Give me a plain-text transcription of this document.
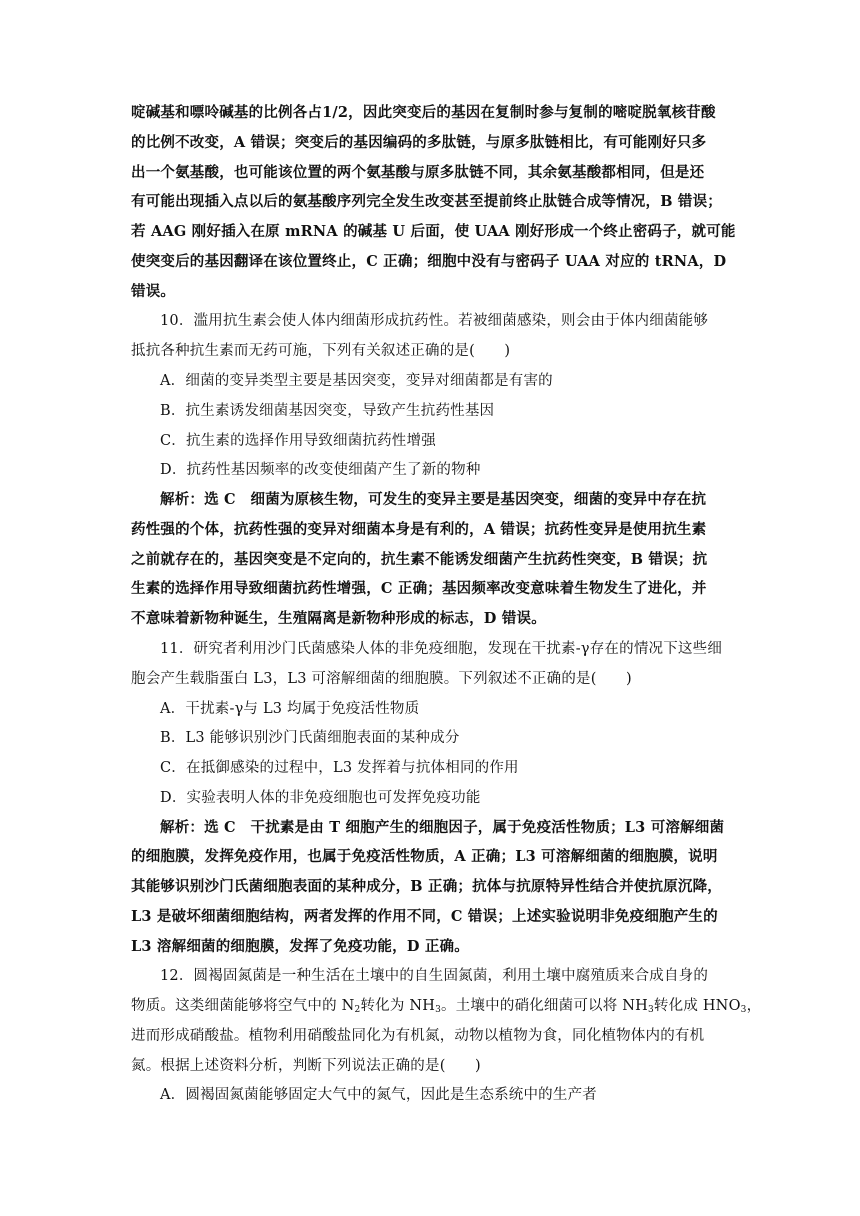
啶碱基和嘌呤碱基的比例各占1/2，因此突变后的基因在复制时参与复制的嘧啶脱氧核苷酸
的比例不改变，A 错误；突变后的基因编码的多肽链，与原多肽链相比，有可能刚好只多
出一个氨基酸，也可能该位置的两个氨基酸与原多肽链不同，其余氨基酸都相同，但是还
有可能出现插入点以后的氨基酸序列完全发生改变甚至提前终止肽链合成等情况，B 错误；
若 AAG 刚好插入在原 mRNA 的碱基 U 后面，使 UAA 刚好形成一个终止密码子，就可能
使突变后的基因翻译在该位置终止，C 正确；细胞中没有与密码子 UAA 对应的 tRNA，D
错误。
10．滥用抗生素会使人体内细菌形成抗药性。若被细菌感染，则会由于体内细菌能够
抵抗各种抗生素而无药可施，下列有关叙述正确的是(　　)
A．细菌的变异类型主要是基因突变，变异对细菌都是有害的
B．抗生素诱发细菌基因突变，导致产生抗药性基因
C．抗生素的选择作用导致细菌抗药性增强
D．抗药性基因频率的改变使细菌产生了新的物种
解析：选 C　细菌为原核生物，可发生的变异主要是基因突变，细菌的变异中存在抗
药性强的个体，抗药性强的变异对细菌本身是有利的，A 错误；抗药性变异是使用抗生素
之前就存在的，基因突变是不定向的，抗生素不能诱发细菌产生抗药性突变，B 错误；抗
生素的选择作用导致细菌抗药性增强，C 正确；基因频率改变意味着生物发生了进化，并
不意味着新物种诞生，生殖隔离是新物种形成的标志，D 错误。
11．研究者利用沙门氏菌感染人体的非免疫细胞，发现在干扰素-γ存在的情况下这些细
胞会产生载脂蛋白 L3，L3 可溶解细菌的细胞膜。下列叙述不正确的是(　　)
A．干扰素-γ与 L3 均属于免疫活性物质
B．L3 能够识别沙门氏菌细胞表面的某种成分
C．在抵御感染的过程中，L3 发挥着与抗体相同的作用
D．实验表明人体的非免疫细胞也可发挥免疫功能
解析：选 C　干扰素是由 T 细胞产生的细胞因子，属于免疫活性物质；L3 可溶解细菌
的细胞膜，发挥免疫作用，也属于免疫活性物质，A 正确；L3 可溶解细菌的细胞膜，说明
其能够识别沙门氏菌细胞表面的某种成分，B 正确；抗体与抗原特异性结合并使抗原沉降，
L3 是破坏细菌细胞结构，两者发挥的作用不同，C 错误；上述实验说明非免疫细胞产生的
L3 溶解细菌的细胞膜，发挥了免疫功能，D 正确。
12．圆褐固氮菌是一种生活在土壤中的自生固氮菌，利用土壤中腐殖质来合成自身的
物质。这类细菌能够将空气中的 $N_2$转化为 $NH_3$。土壤中的硝化细菌可以将 $NH_3$转化成 $HNO_3$，
进而形成硝酸盐。植物利用硝酸盐同化为有机氮，动物以植物为食，同化植物体内的有机
氮。根据上述资料分析，判断下列说法正确的是(　　)
A．圆褐固氮菌能够固定大气中的氮气，因此是生态系统中的生产者
